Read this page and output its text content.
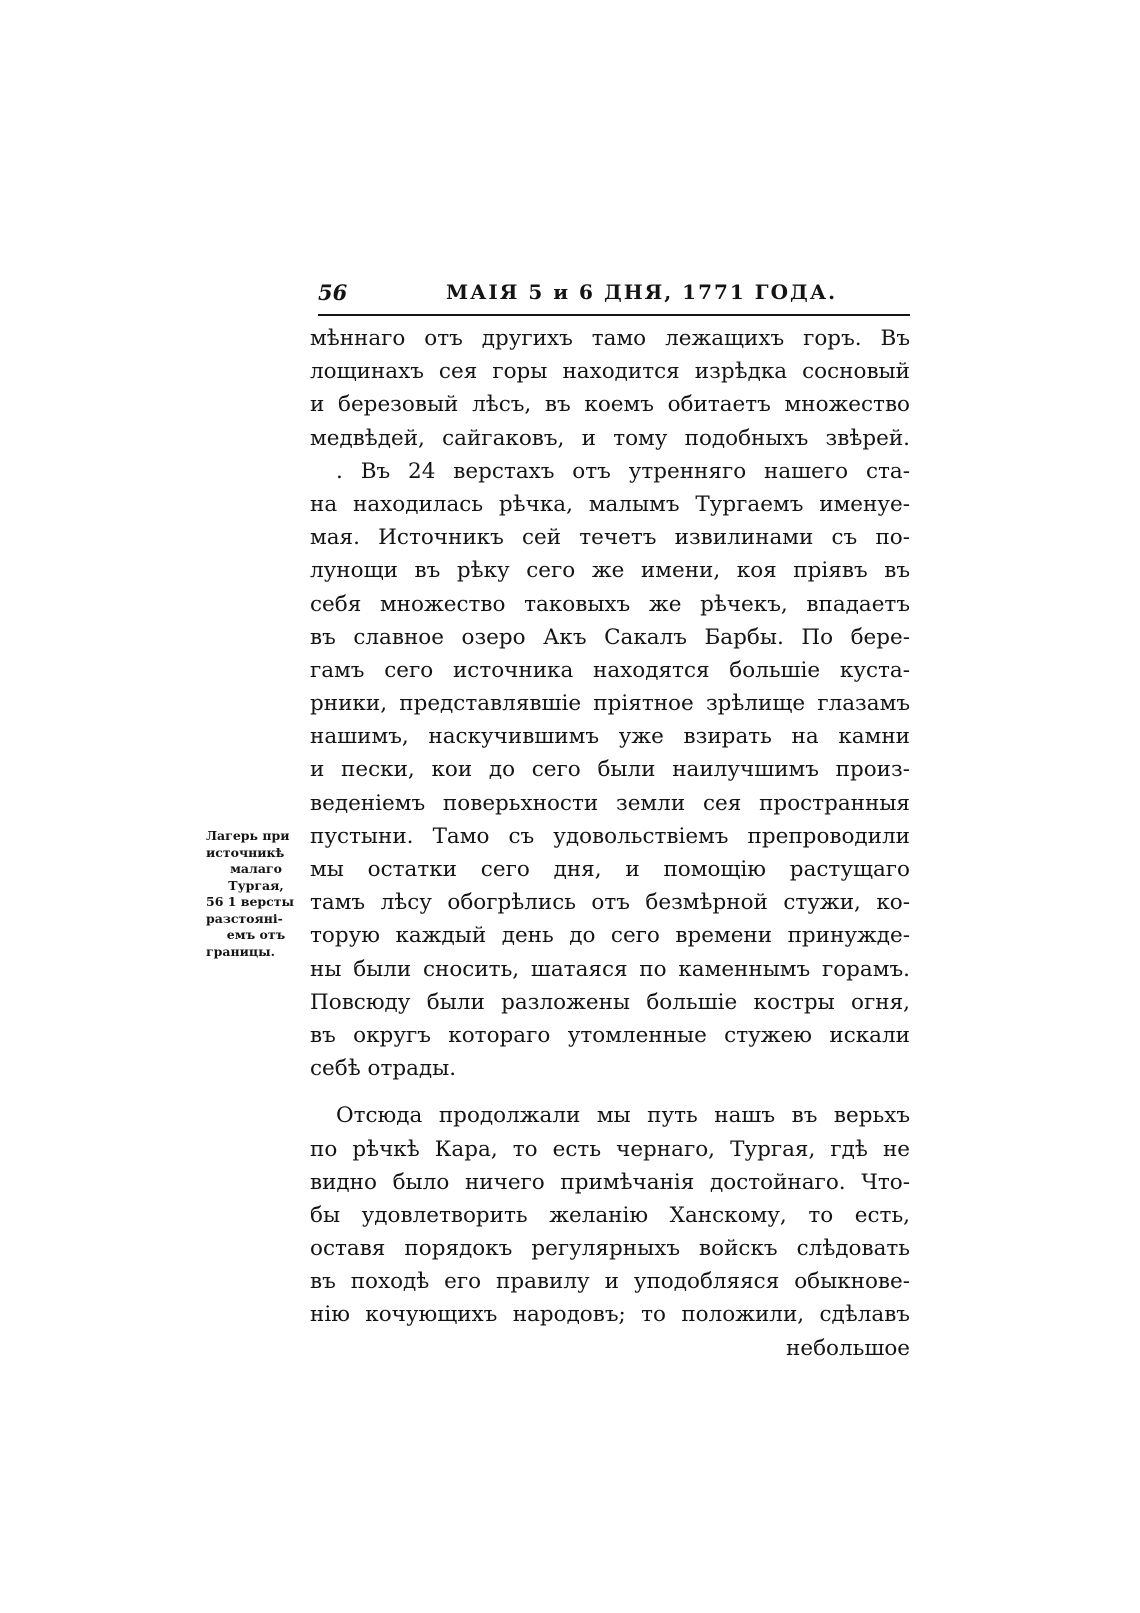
56	МАІЯ 5 и 6 ДНЯ, 1771 ГОДА.
мѣннаго отъ другихъ тамо лежащихъ горъ. Въ
лощинахъ сея горы находится изрѣдка сосновый
и березовый лѣсъ, въ коемъ обитаетъ множество
медвѣдей, сайгаковъ, и тому подобныхъ звѣрей.
. Въ 24 верстахъ отъ утренняго нашего ста-
на находилась рѣчка, малымъ Тургаемъ именуе-
мая. Источникъ сей течетъ извилинами съ по-
лунощи въ рѣку сего же имени, коя пріявъ въ
себя множество таковыхъ же рѣчекъ, впадаетъ
въ славное озеро Акъ Сакалъ Барбы. По бере-
гамъ сего источника находятся большіе куста-
рники, представлявшіе пріятное зрѣлище глазамъ
нашимъ, наскучившимъ уже взирать на камни
и пески, кои до сего были наилучшимъ произ-
веденіемъ поверьхности земли сея пространныя
пустыни. Тамо съ удовольствіемъ препроводили
мы остатки сего дня, и помощію растущаго
тамъ лѣсу обогрѣлись отъ безмѣрной стужи, ко-
торую каждый день до сего времени принужде-
ны были сносить, шатаяся по каменнымъ горамъ.
Повсюду были разложены большіе костры огня,
въ округъ котораго утомленные стужею искали
себѣ отрады.
Отсюда продолжали мы путь нашъ въ верьхъ
по рѣчкѣ Кара, то есть чернаго, Тургая, гдѣ не
видно было ничего примѣчанія достойнаго. Что-
бы удовлетворить желанію Ханскому, то есть,
оставя порядокъ регулярныхъ войскъ слѣдовать
въ походѣ его правилу и уподобляяся обыкнове-
нію кочующихъ народовъ; то положили, сдѣлавъ
небольшое
Лагерь при
источникѣ
малаго
Тургая,
56 1 версты
разстояні-
емъ отъ
границы.
